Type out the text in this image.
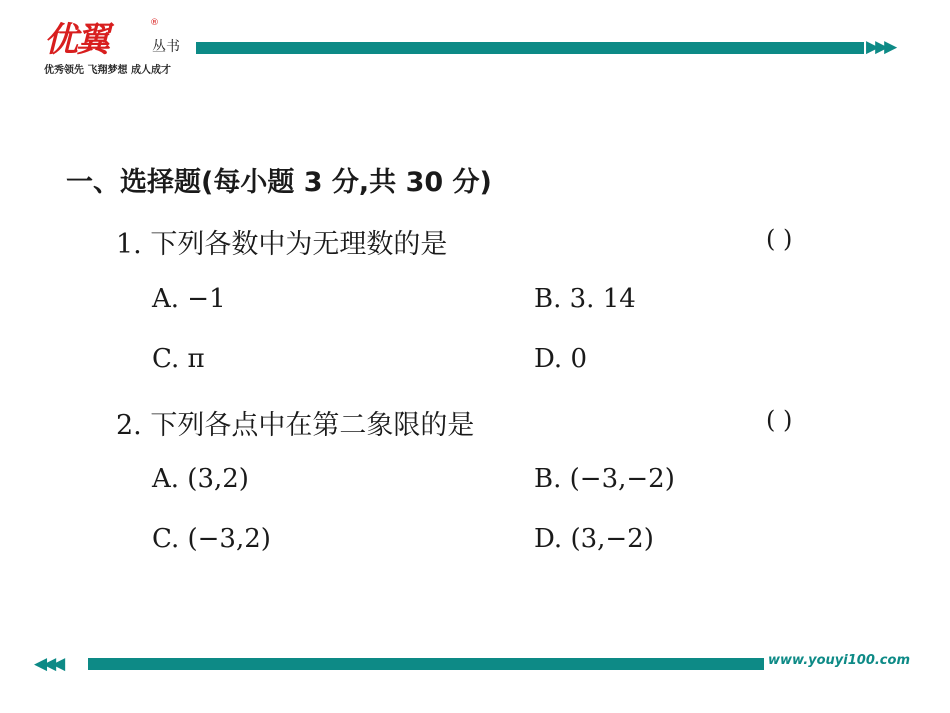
优翼	®
丛书
优秀领先 飞翔梦想 成人成才
▶▶▶
一、选择题(每小题 3 分,共 30 分)
1. 下列各数中为无理数的是	( )
A. −1	B. 3. 14
C. π	D. 0
2. 下列各点中在第二象限的是	( )
A. (3,2)	B. (−3,−2)
C. (−3,2)	D. (3,−2)
◀◀◀	www.youyi100.com
